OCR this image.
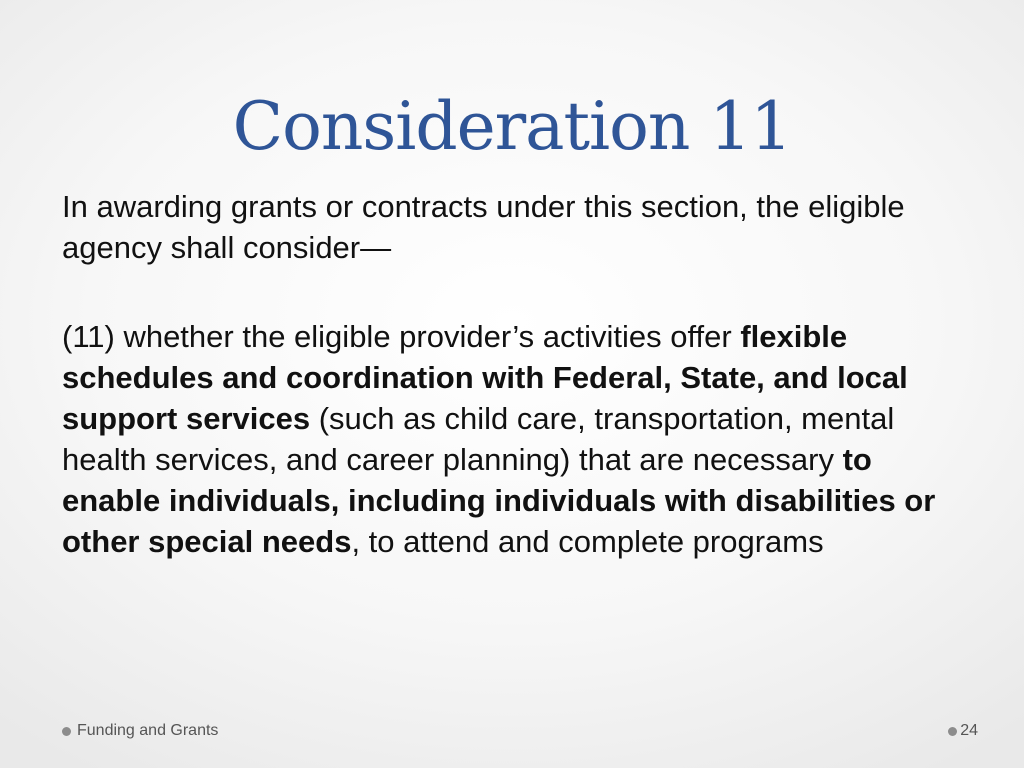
Consideration 11

In awarding grants or contracts under this section, the eligible agency shall consider—

(11) whether the eligible provider’s activities offer flexible schedules and coordination with Federal, State, and local support services (such as child care, transportation, mental health services, and career planning) that are necessary to enable individuals, including individuals with disabilities or other special needs, to attend and complete programs

Funding and Grants	24
